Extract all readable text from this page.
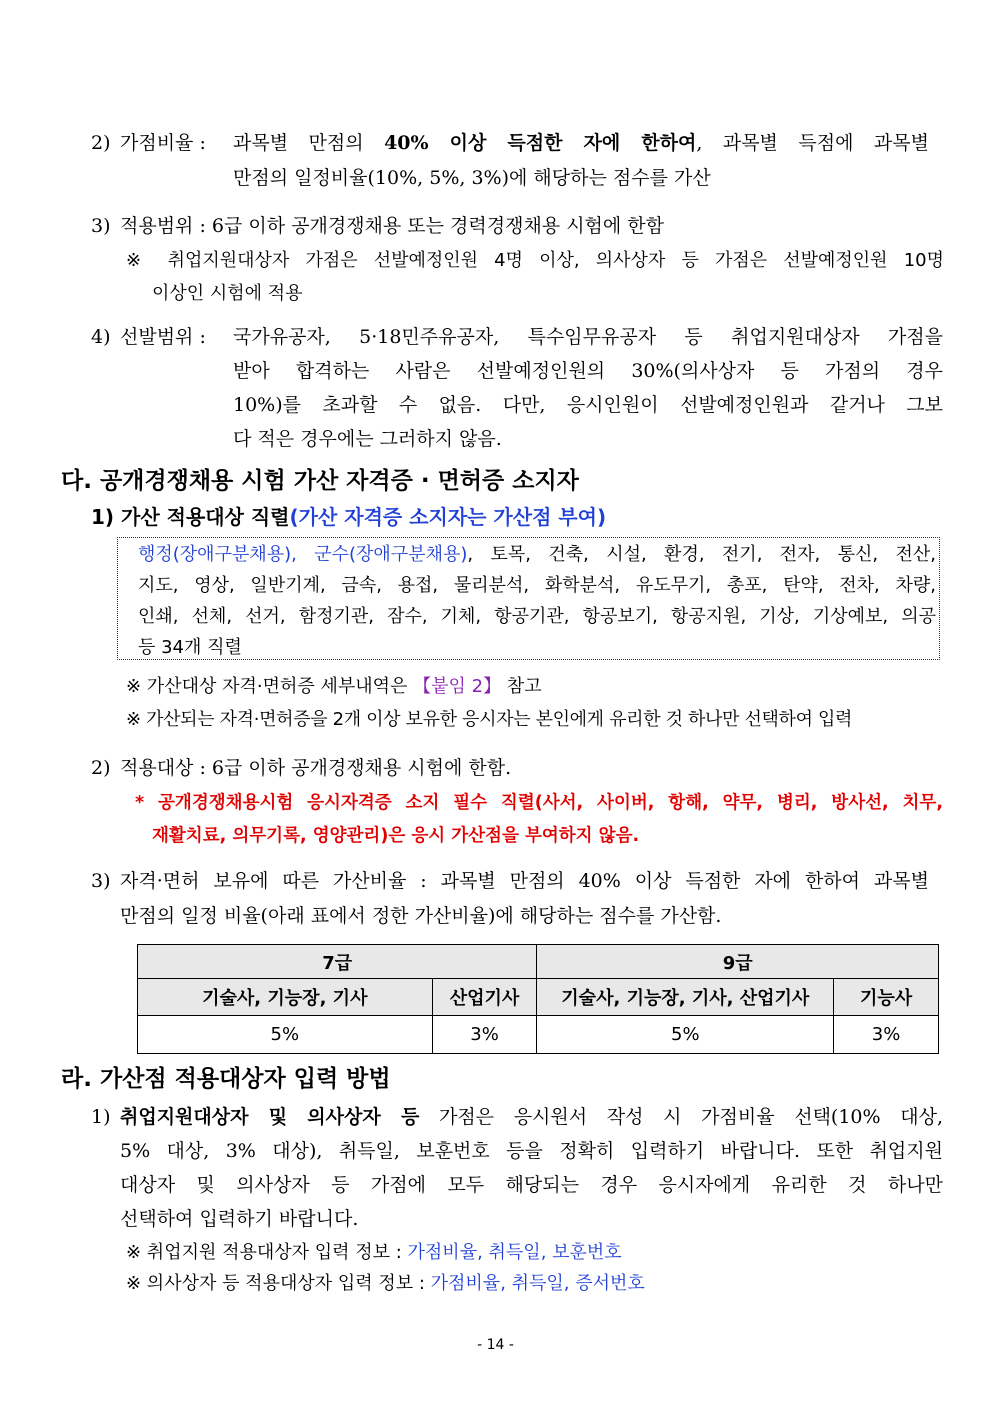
2) 가점비율 : 과목별 만점의 40% 이상 득점한 자에 한하여, 과목별 득점에 과목별
만점의 일정비율(10%, 5%, 3%)에 해당하는 점수를 가산
3) 적용범위 : 6급 이하 공개경쟁채용 또는 경력경쟁채용 시험에 한함
※ 취업지원대상자 가점은 선발예정인원 4명 이상, 의사상자 등 가점은 선발예정인원 10명
이상인 시험에 적용
4) 선발범위 : 국가유공자, 5·18민주유공자, 특수임무유공자 등 취업지원대상자 가점을
받아 합격하는 사람은 선발예정인원의 30%(의사상자 등 가점의 경우
10%)를 초과할 수 없음. 다만, 응시인원이 선발예정인원과 같거나 그보
다 적은 경우에는 그러하지 않음.
다. 공개경쟁채용 시험 가산 자격증 · 면허증 소지자
1) 가산 적용대상 직렬(가산 자격증 소지자는 가산점 부여)
행정(장애구분채용), 군수(장애구분채용), 토목, 건축, 시설, 환경, 전기, 전자, 통신, 전산,
지도, 영상, 일반기계, 금속, 용접, 물리분석, 화학분석, 유도무기, 총포, 탄약, 전차, 차량,
인쇄, 선체, 선거, 함정기관, 잠수, 기체, 항공기관, 항공보기, 항공지원, 기상, 기상예보, 의공
등 34개 직렬
※ 가산대상 자격·면허증 세부내역은 【붙임 2】 참고
※ 가산되는 자격·면허증을 2개 이상 보유한 응시자는 본인에게 유리한 것 하나만 선택하여 입력
2) 적용대상 : 6급 이하 공개경쟁채용 시험에 한함.
* 공개경쟁채용시험 응시자격증 소지 필수 직렬(사서, 사이버, 항해, 약무, 병리, 방사선, 치무,
재활치료, 의무기록, 영양관리)은 응시 가산점을 부여하지 않음.
3) 자격·면허 보유에 따른 가산비율 : 과목별 만점의 40% 이상 득점한 자에 한하여 과목별
만점의 일정 비율(아래 표에서 정한 가산비율)에 해당하는 점수를 가산함.
7급		9급	
기술사, 기능장, 기사	산업기사	기술사, 기능장, 기사, 산업기사	기능사
5%	3%	5%	3%
라. 가산점 적용대상자 입력 방법
1) 취업지원대상자 및 의사상자 등 가점은 응시원서 작성 시 가점비율 선택(10% 대상,
5% 대상, 3% 대상), 취득일, 보훈번호 등을 정확히 입력하기 바랍니다. 또한 취업지원
대상자 및 의사상자 등 가점에 모두 해당되는 경우 응시자에게 유리한 것 하나만
선택하여 입력하기 바랍니다.
※ 취업지원 적용대상자 입력 정보 : 가점비율, 취득일, 보훈번호
※ 의사상자 등 적용대상자 입력 정보 : 가점비율, 취득일, 증서번호
- 14 -
